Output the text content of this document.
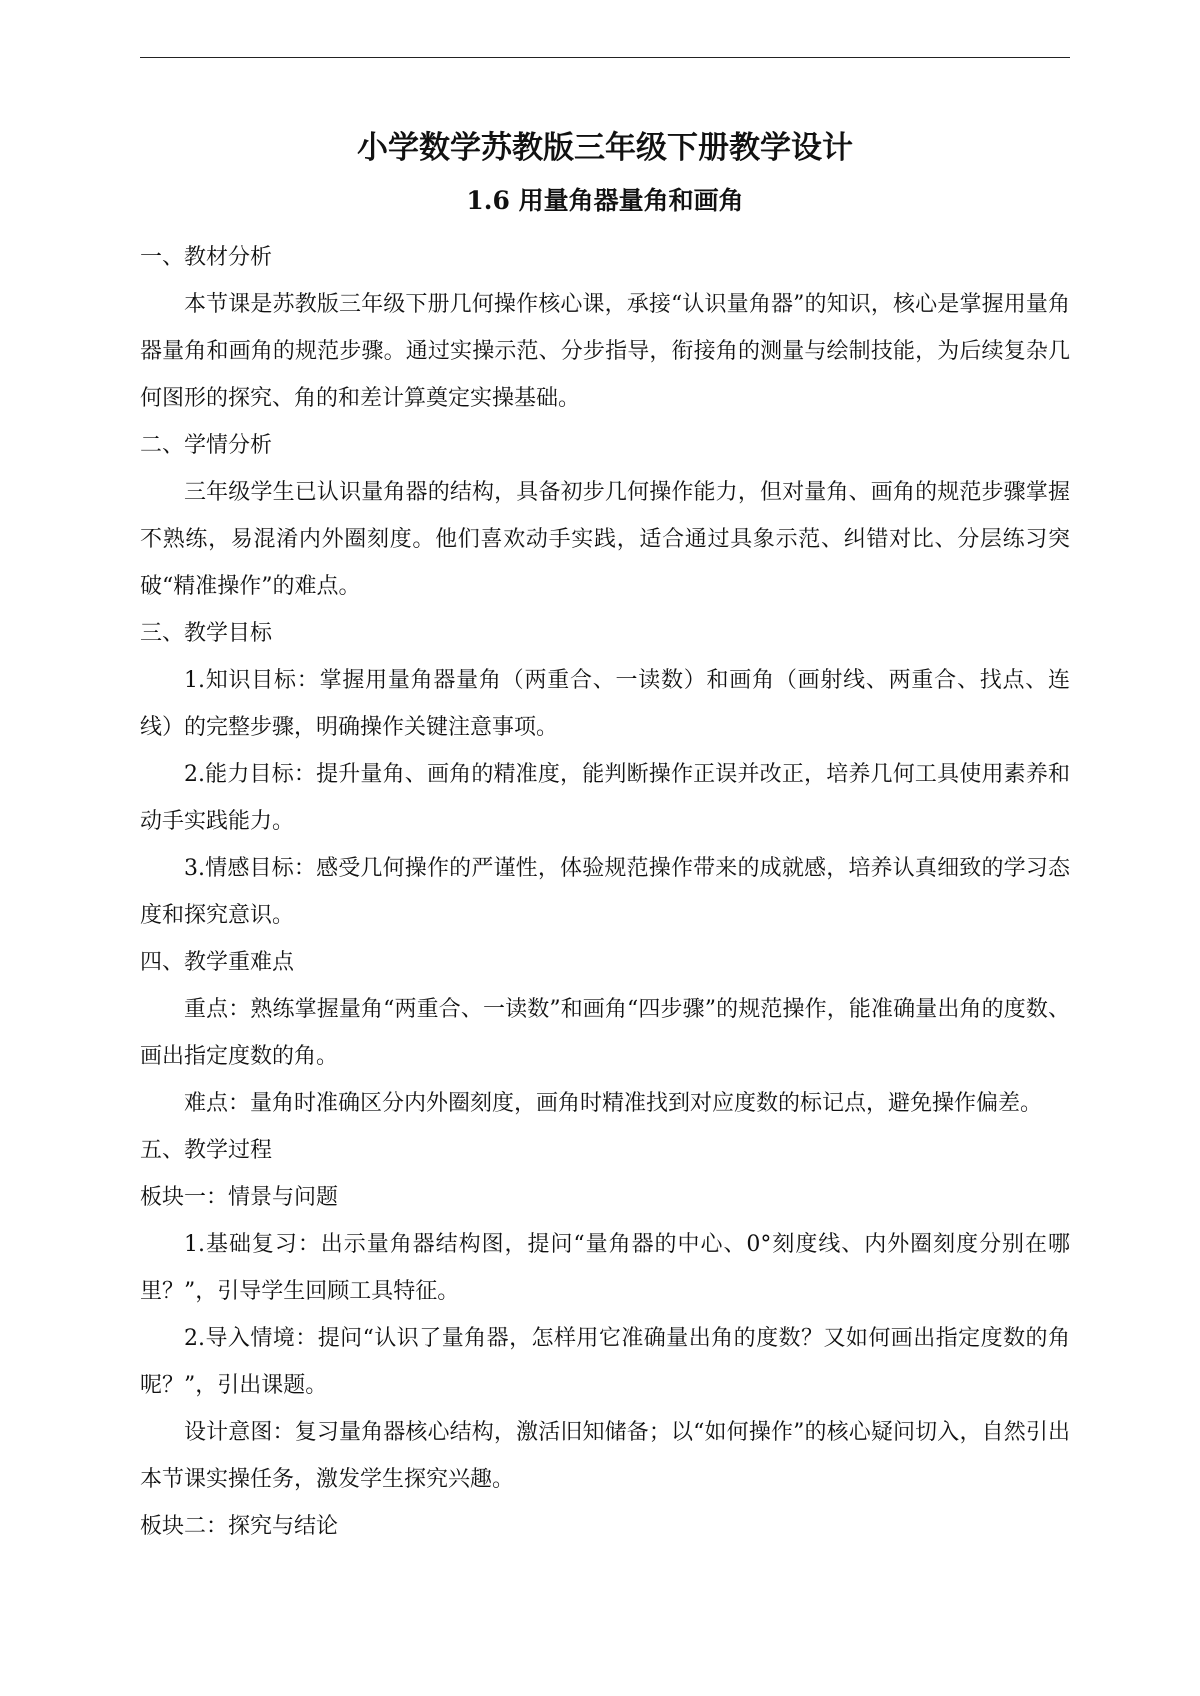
小学数学苏教版三年级下册教学设计
1.6 用量角器量角和画角

一、教材分析

本节课是苏教版三年级下册几何操作核心课，承接“认识量角器”的知识，核心是掌握用量角器量角和画角的规范步骤。通过实操示范、分步指导，衔接角的测量与绘制技能，为后续复杂几何图形的探究、角的和差计算奠定实操基础。

二、学情分析

三年级学生已认识量角器的结构，具备初步几何操作能力，但对量角、画角的规范步骤掌握不熟练，易混淆内外圈刻度。他们喜欢动手实践，适合通过具象示范、纠错对比、分层练习突破“精准操作”的难点。

三、教学目标

1.知识目标：掌握用量角器量角（两重合、一读数）和画角（画射线、两重合、找点、连线）的完整步骤，明确操作关键注意事项。

2.能力目标：提升量角、画角的精准度，能判断操作正误并改正，培养几何工具使用素养和动手实践能力。

3.情感目标：感受几何操作的严谨性，体验规范操作带来的成就感，培养认真细致的学习态度和探究意识。

四、教学重难点

重点：熟练掌握量角“两重合、一读数”和画角“四步骤”的规范操作，能准确量出角的度数、画出指定度数的角。

难点：量角时准确区分内外圈刻度，画角时精准找到对应度数的标记点，避免操作偏差。

五、教学过程

板块一：情景与问题

1.基础复习：出示量角器结构图，提问“量角器的中心、0°刻度线、内外圈刻度分别在哪里？”，引导学生回顾工具特征。

2.导入情境：提问“认识了量角器，怎样用它准确量出角的度数？又如何画出指定度数的角呢？”，引出课题。

设计意图：复习量角器核心结构，激活旧知储备；以“如何操作”的核心疑问切入，自然引出本节课实操任务，激发学生探究兴趣。

板块二：探究与结论
